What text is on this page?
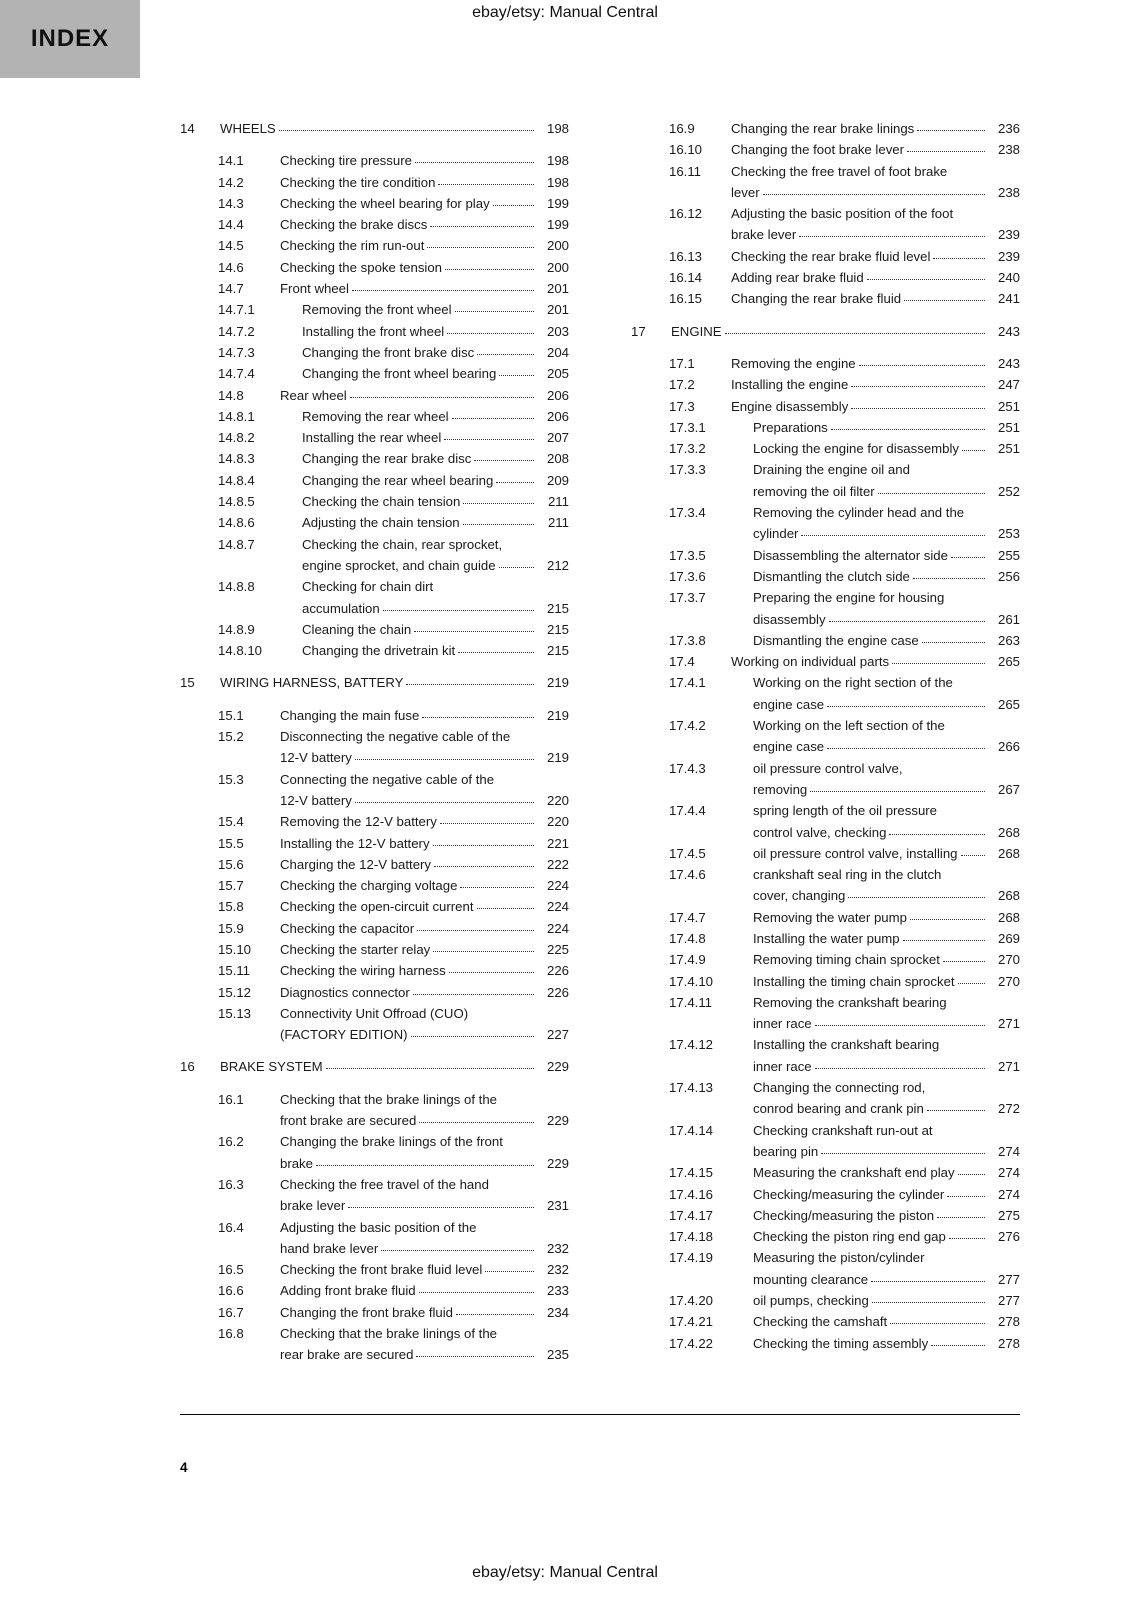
ebay/etsy: Manual Central
INDEX
14	WHEELS	198
14.1	Checking tire pressure	198
14.2	Checking the tire condition	198
14.3	Checking the wheel bearing for play	199
14.4	Checking the brake discs	199
14.5	Checking the rim run-out	200
14.6	Checking the spoke tension	200
14.7	Front wheel	201
14.7.1	Removing the front wheel	201
14.7.2	Installing the front wheel	203
14.7.3	Changing the front brake disc	204
14.7.4	Changing the front wheel bearing	205
14.8	Rear wheel	206
14.8.1	Removing the rear wheel	206
14.8.2	Installing the rear wheel	207
14.8.3	Changing the rear brake disc	208
14.8.4	Changing the rear wheel bearing	209
14.8.5	Checking the chain tension	211
14.8.6	Adjusting the chain tension	211
14.8.7	Checking the chain, rear sprocket,
engine sprocket, and chain guide	212
14.8.8	Checking for chain dirt
accumulation	215
14.8.9	Cleaning the chain	215
14.8.10	Changing the drivetrain kit	215
15	WIRING HARNESS, BATTERY	219
15.1	Changing the main fuse	219
15.2	Disconnecting the negative cable of the
12-V battery	219
15.3	Connecting the negative cable of the
12-V battery	220
15.4	Removing the 12-V battery	220
15.5	Installing the 12-V battery	221
15.6	Charging the 12-V battery	222
15.7	Checking the charging voltage	224
15.8	Checking the open-circuit current	224
15.9	Checking the capacitor	224
15.10	Checking the starter relay	225
15.11	Checking the wiring harness	226
15.12	Diagnostics connector	226
15.13	Connectivity Unit Offroad (CUO)
(FACTORY EDITION)	227
16	BRAKE SYSTEM	229
16.1	Checking that the brake linings of the
front brake are secured	229
16.2	Changing the brake linings of the front
brake	229
16.3	Checking the free travel of the hand
brake lever	231
16.4	Adjusting the basic position of the
hand brake lever	232
16.5	Checking the front brake fluid level	232
16.6	Adding front brake fluid	233
16.7	Changing the front brake fluid	234
16.8	Checking that the brake linings of the
rear brake are secured	235
16.9	Changing the rear brake linings	236
16.10	Changing the foot brake lever	238
16.11	Checking the free travel of foot brake
lever	238
16.12	Adjusting the basic position of the foot
brake lever	239
16.13	Checking the rear brake fluid level	239
16.14	Adding rear brake fluid	240
16.15	Changing the rear brake fluid	241
17	ENGINE	243
17.1	Removing the engine	243
17.2	Installing the engine	247
17.3	Engine disassembly	251
17.3.1	Preparations	251
17.3.2	Locking the engine for disassembly	251
17.3.3	Draining the engine oil and
removing the oil filter	252
17.3.4	Removing the cylinder head and the
cylinder	253
17.3.5	Disassembling the alternator side	255
17.3.6	Dismantling the clutch side	256
17.3.7	Preparing the engine for housing
disassembly	261
17.3.8	Dismantling the engine case	263
17.4	Working on individual parts	265
17.4.1	Working on the right section of the
engine case	265
17.4.2	Working on the left section of the
engine case	266
17.4.3	oil pressure control valve,
removing	267
17.4.4	spring length of the oil pressure
control valve, checking	268
17.4.5	oil pressure control valve, installing	268
17.4.6	crankshaft seal ring in the clutch
cover, changing	268
17.4.7	Removing the water pump	268
17.4.8	Installing the water pump	269
17.4.9	Removing timing chain sprocket	270
17.4.10	Installing the timing chain sprocket	270
17.4.11	Removing the crankshaft bearing
inner race	271
17.4.12	Installing the crankshaft bearing
inner race	271
17.4.13	Changing the connecting rod,
conrod bearing and crank pin	272
17.4.14	Checking crankshaft run-out at
bearing pin	274
17.4.15	Measuring the crankshaft end play	274
17.4.16	Checking/measuring the cylinder	274
17.4.17	Checking/measuring the piston	275
17.4.18	Checking the piston ring end gap	276
17.4.19	Measuring the piston/cylinder
mounting clearance	277
17.4.20	oil pumps, checking	277
17.4.21	Checking the camshaft	278
17.4.22	Checking the timing assembly	278
4
ebay/etsy: Manual Central
